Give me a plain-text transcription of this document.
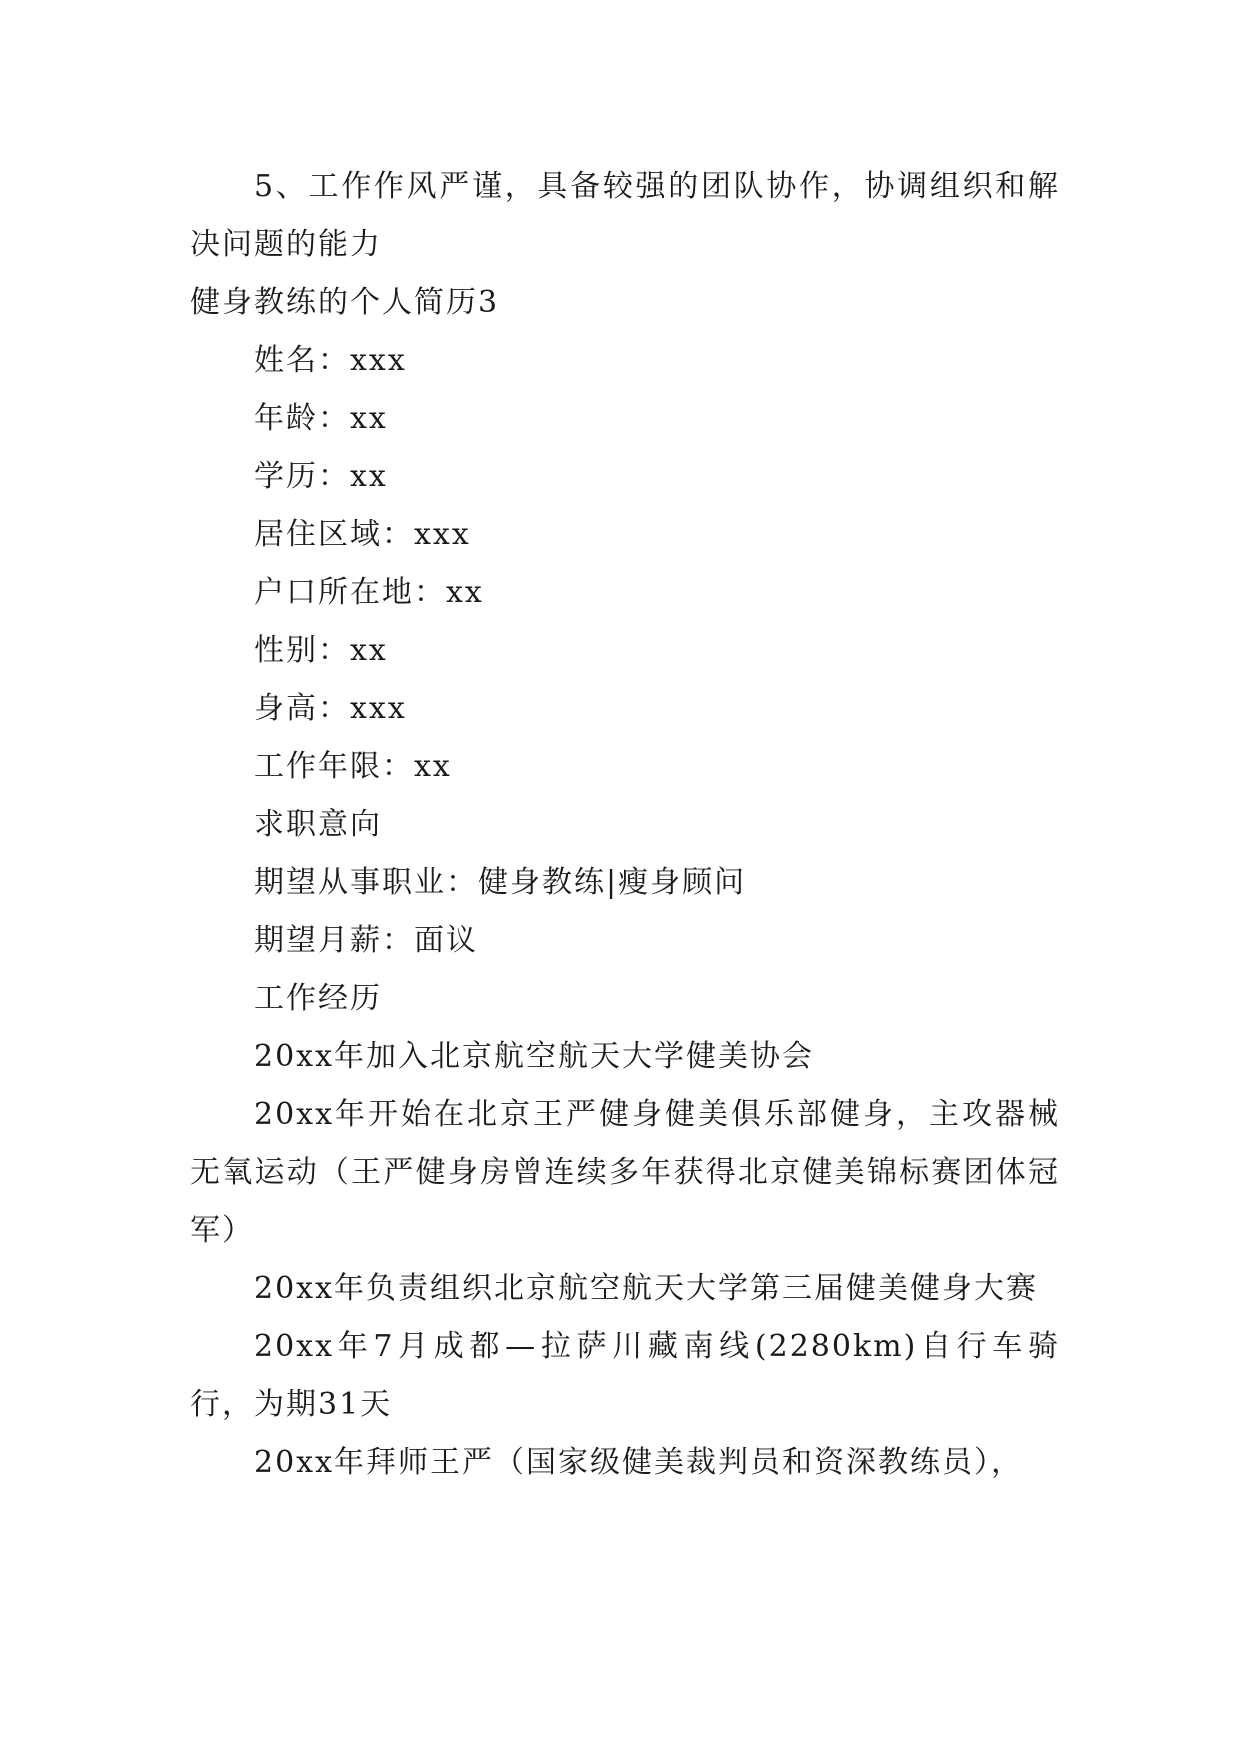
5、工作作风严谨，具备较强的团队协作，协调组织和解决问题的能力

健身教练的个人简历3

姓名：xxx

年龄：xx

学历：xx

居住区域：xxx

户口所在地：xx

性别：xx

身高：xxx

工作年限：xx

求职意向

期望从事职业：健身教练|瘦身顾问

期望月薪：面议

工作经历

20xx年加入北京航空航天大学健美协会

20xx年开始在北京王严健身健美俱乐部健身，主攻器械无氧运动（王严健身房曾连续多年获得北京健美锦标赛团体冠军）

20xx年负责组织北京航空航天大学第三届健美健身大赛

20xx年7月成都—拉萨川藏南线(2280km)自行车骑行，为期31天

20xx年拜师王严（国家级健美裁判员和资深教练员），
